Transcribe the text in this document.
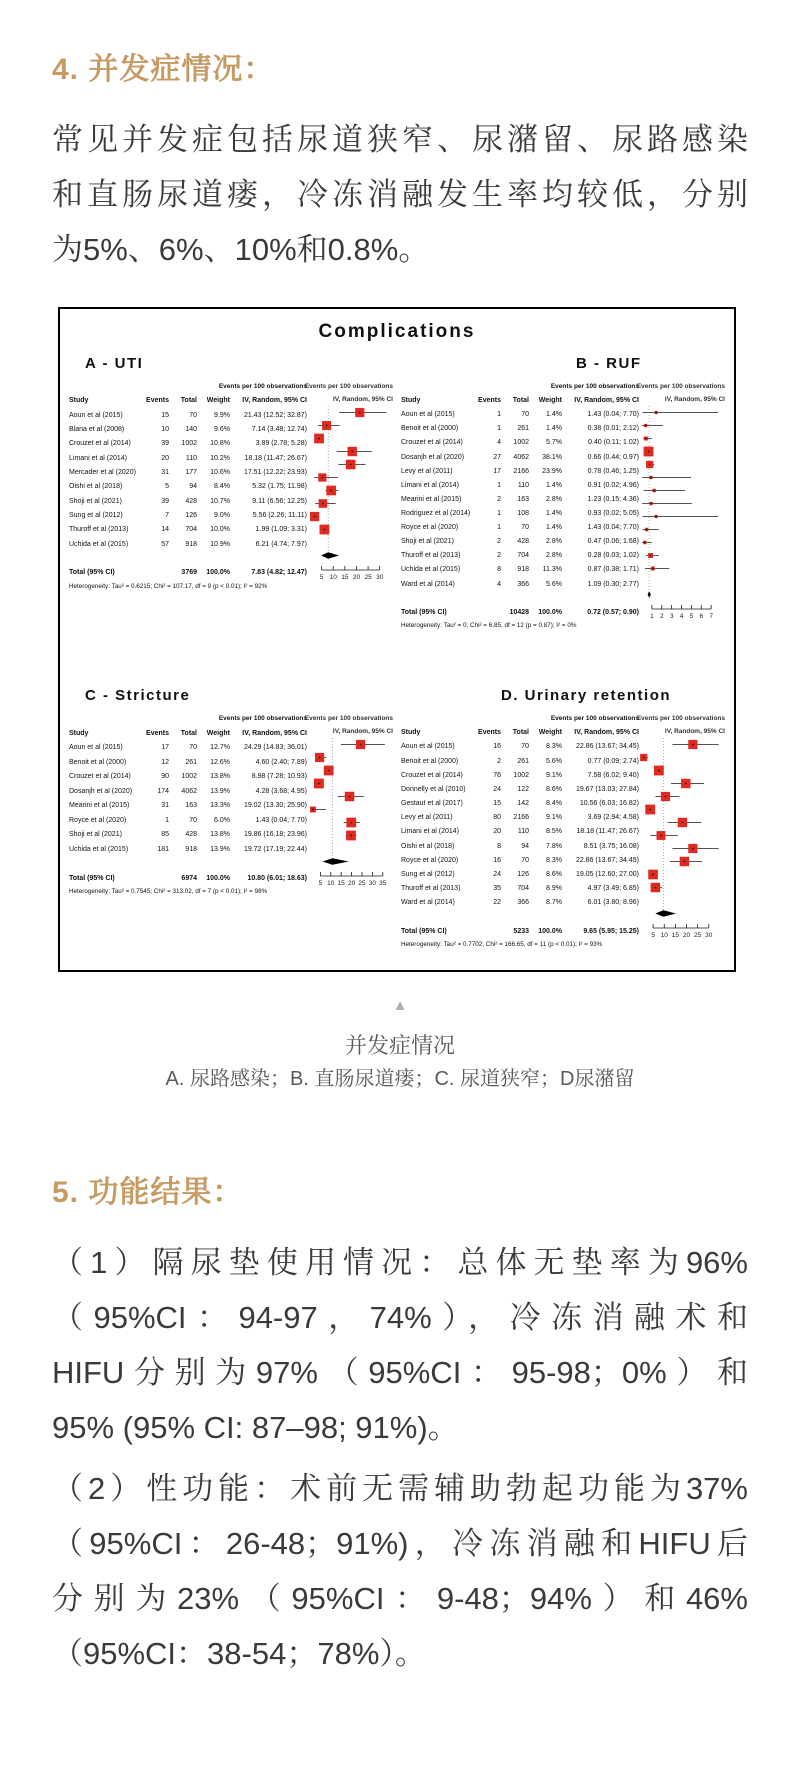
4. 并发症情况：
常见并发症包括尿道狭窄、尿潴留、尿路感染
和直肠尿道瘘，冷冻消融发生率均较低，分别
为5%、6%、10%和0.8%。
Complications
A - UTI
Events per 100 observations
Study	Events	Total	Weight	IV, Random, 95% CI
Aoun et al (2015)	15	70	9.9%	21.43 (12.52; 32.87)
Blana et al (2008)	10	140	9.6%	7.14 (3.48; 12.74)
Crouzet et al (2014)	39	1002	10.8%	3.89 (2.78; 5.28)
Limani et al (2014)	20	110	10.2%	18.18 (11.47; 26.67)
Mercader et al (2020)	31	177	10.6%	17.51 (12.22; 23.93)
Oishi et al (2018)	5	94	8.4%	5.32 (1.75; 11.98)
Shoji et al (2021)	39	428	10.7%	9.11 (6.56; 12.25)
Sung et al (2012)	7	126	9.0%	5.56 (2.26; 11.11)
Thuroff et al (2013)	14	704	10.0%	1.99 (1.09; 3.31)
Uchida et al (2015)	57	918	10.9%	6.21 (4.74; 7.97)
Total (95% CI)	3769	100.0%	7.83 (4.82; 12.47)
Heterogeneity: Tau² = 0.6215; Chi² = 107.17, df = 9 (p < 0.01); I² = 92%
Events per 100 observations
IV, Random, 95% CI
5 10 15 20 25 30
B - RUF
Events per 100 observations
Study	Events	Total	Weight	IV, Random, 95% CI
Aoun et al (2015)	1	70	1.4%	1.43 (0.04; 7.70)
Benoit et al (2000)	1	261	1.4%	0.38 (0.01; 2.12)
Crouzet et al (2014)	4	1002	5.7%	0.40 (0.11; 1.02)
Dosanjh et al (2020)	27	4062	38.1%	0.66 (0.44; 0.97)
Levy et al (2011)	17	2166	23.9%	0.78 (0.46; 1.25)
Limani et al (2014)	1	110	1.4%	0.91 (0.02; 4.96)
Mearini et al (2015)	2	163	2.8%	1.23 (0.15; 4.36)
Rodriguez et al (2014)	1	108	1.4%	0.93 (0.02; 5.05)
Royce et al (2020)	1	70	1.4%	1.43 (0.04; 7.70)
Shoji et al (2021)	2	428	2.8%	0.47 (0.06; 1.68)
Thuroff et al (2013)	2	704	2.8%	0.28 (0.03; 1.02)
Uchida et al (2015)	8	918	11.3%	0.87 (0.38; 1.71)
Ward et al (2014)	4	366	5.6%	1.09 (0.30; 2.77)
Total (95% CI)	10428	100.0%	0.72 (0.57; 0.90)
Heterogeneity: Tau² = 0; Chi² = 6.85, df = 12 (p = 0.87); I² = 0%
Events per 100 observations
IV, Random, 95% CI
1 2 3 4 5 6 7
C - Stricture
Events per 100 observations
Study	Events	Total	Weight	IV, Random, 95% CI
Aoun et al (2015)	17	70	12.7%	24.29 (14.83; 36.01)
Benoit et al (2000)	12	261	12.6%	4.60 (2.40; 7.89)
Crouzet et al (2014)	90	1002	13.8%	8.98 (7.28; 10.93)
Dosanjh et al (2020)	174	4062	13.9%	4.28 (3.68; 4.95)
Mearini et al (2015)	31	163	13.3%	19.02 (13.30; 25.90)
Royce et al (2020)	1	70	6.0%	1.43 (0.04; 7.70)
Shoji et al (2021)	85	428	13.8%	19.86 (16.18; 23.96)
Uchida et al (2015)	181	918	13.9%	19.72 (17.19; 22.44)
Total (95% CI)	6974	100.0%	10.80 (6.01; 18.63)
Heterogeneity: Tau² = 0.7545; Chi² = 313.02, df = 7 (p < 0.01); I² = 98%
Events per 100 observations
IV, Random, 95% CI
5 10 15 20 25 30 35
D. Urinary retention
Events per 100 observations
Study	Events	Total	Weight	IV, Random, 95% CI
Aoun et al (2015)	16	70	8.3%	22.86 (13.67; 34.45)
Benoit et al (2000)	2	261	5.6%	0.77 (0.09; 2.74)
Crouzet et al (2014)	76	1002	9.1%	7.58 (6.02; 9.40)
Donnelly et al (2010)	24	122	8.6%	19.67 (13.03; 27.84)
Gestaut et al (2017)	15	142	8.4%	10.56 (6.03; 16.82)
Levy et al (2011)	80	2166	9.1%	3.69 (2.94; 4.58)
Limani et al (2014)	20	110	8.5%	18.18 (11.47; 26.67)
Oishi et al (2018)	8	94	7.8%	8.51 (3.75; 16.08)
Royce et al (2020)	16	70	8.3%	22.86 (13.67; 34.45)
Sung et al (2012)	24	126	8.6%	19.05 (12.60; 27.00)
Thuroff et al (2013)	35	704	8.9%	4.97 (3.49; 6.85)
Ward et al (2014)	22	366	8.7%	6.01 (3.80; 8.96)
Total (95% CI)	5233	100.0%	9.65 (5.95; 15.25)
Heterogeneity: Tau² = 0.7702; Chi² = 166.65, df = 11 (p < 0.01); I² = 93%
Events per 100 observations
IV, Random, 95% CI
5 10 15 20 25 30
▲
并发症情况
A. 尿路感染；B. 直肠尿道瘘；C. 尿道狭窄；D尿潴留
5. 功能结果：
（1）隔尿垫使用情况：总体无垫率为96%
（95%CI：94-97，74%），冷冻消融术和
HIFU分别为97%（95%CI：95-98；0%）和
95% (95% CI: 87–98; 91%)。
（2）性功能：术前无需辅助勃起功能为37%
（95%CI：26-48；91%)，冷冻消融和HIFU后
分别为23%（95%CI：9-48；94%）和46%
（95%CI：38-54；78%）。
